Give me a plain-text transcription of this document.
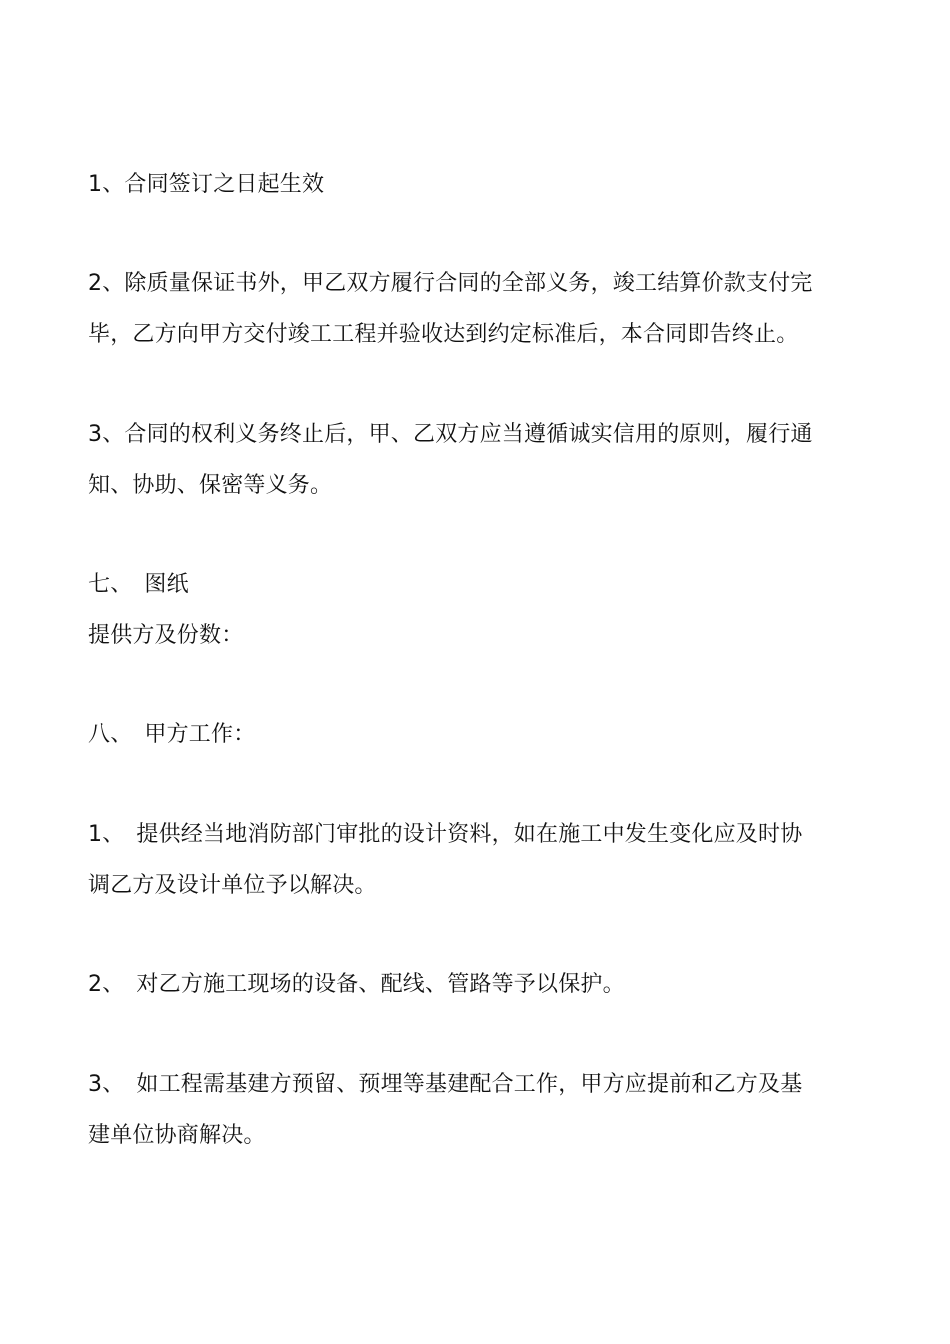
1、合同签订之日起生效
2、除质量保证书外，甲乙双方履行合同的全部义务，竣工结算价款支付完
毕，乙方向甲方交付竣工工程并验收达到约定标准后，本合同即告终止。
3、合同的权利义务终止后，甲、乙双方应当遵循诚实信用的原则，履行通
知、协助、保密等义务。
七、 图纸
提供方及份数：
八、 甲方工作：
1、 提供经当地消防部门审批的设计资料，如在施工中发生变化应及时协
调乙方及设计单位予以解决。
2、 对乙方施工现场的设备、配线、管路等予以保护。
3、 如工程需基建方预留、预埋等基建配合工作，甲方应提前和乙方及基
建单位协商解决。
